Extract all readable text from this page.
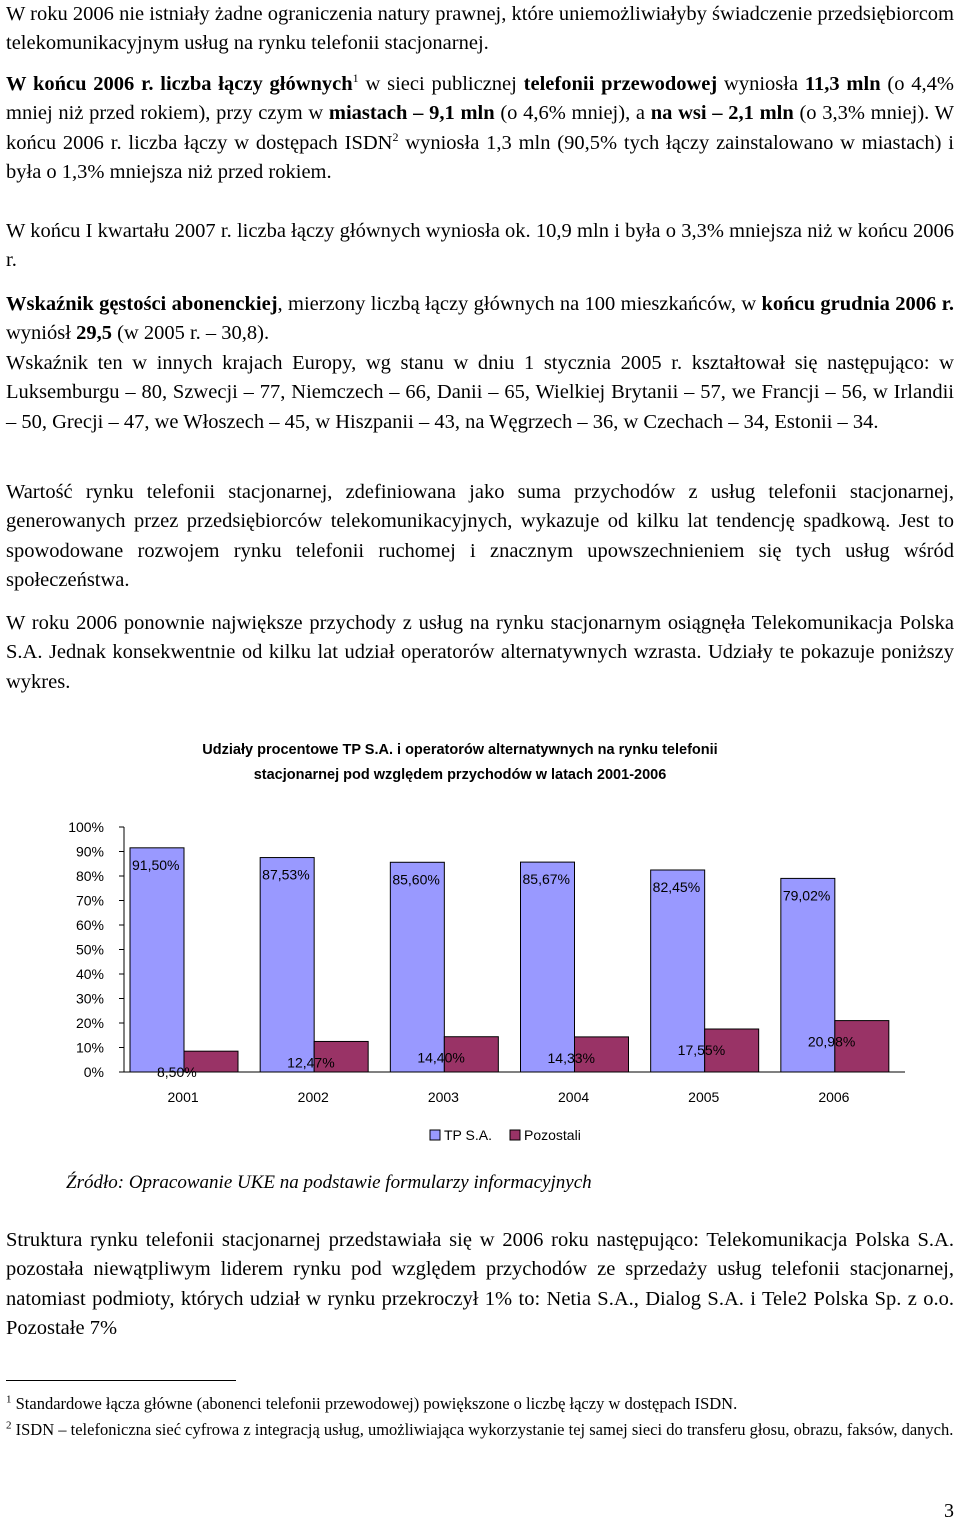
W roku 2006 nie istniały żadne ograniczenia natury prawnej, które uniemożliwiałyby świadczenie przedsiębiorcom telekomunikacyjnym usług na rynku telefonii stacjonarnej.

W końcu 2006 r. liczba łączy głównych$^1$ w sieci publicznej telefonii przewodowej wyniosła 11,3 mln (o 4,4% mniej niż przed rokiem), przy czym w miastach – 9,1 mln (o 4,6% mniej), a na wsi – 2,1 mln (o 3,3% mniej). W końcu 2006 r. liczba łączy w dostępach ISDN$^2$ wyniosła 1,3 mln (90,5% tych łączy zainstalowano w miastach) i była o 1,3% mniejsza niż przed rokiem.

W końcu I kwartału 2007 r. liczba łączy głównych wyniosła ok. 10,9 mln i była o 3,3% mniejsza niż w końcu 2006 r.

Wskaźnik gęstości abonenckiej, mierzony liczbą łączy głównych na 100 mieszkańców, w końcu grudnia 2006 r. wyniósł 29,5 (w 2005 r. – 30,8).
Wskaźnik ten w innych krajach Europy, wg stanu w dniu 1 stycznia 2005 r. kształtował się następująco: w Luksemburgu – 80, Szwecji – 77, Niemczech – 66, Danii – 65, Wielkiej Brytanii – 57, we Francji – 56, w Irlandii – 50, Grecji – 47, we Włoszech – 45, w Hiszpanii – 43, na Węgrzech – 36, w Czechach – 34, Estonii – 34.

Wartość rynku telefonii stacjonarnej, zdefiniowana jako suma przychodów z usług telefonii stacjonarnej, generowanych przez przedsiębiorców telekomunikacyjnych, wykazuje od kilku lat tendencję spadkową. Jest to spowodowane rozwojem rynku telefonii ruchomej i znacznym upowszechnieniem się tych usług wśród społeczeństwa.

W roku 2006 ponownie największe przychody z usług na rynku stacjonarnym osiągnęła Telekomunikacja Polska S.A. Jednak konsekwentnie od kilku lat udział operatorów alternatywnych wzrasta. Udziały te pokazuje poniższy wykres.

Udziały procentowe TP S.A. i operatorów alternatywnych na rynku telefonii
stacjonarnej pod względem przychodów w latach 2001-2006
0%
10%
20%
30%
40%
50%
60%
70%
80%
90%
100%
91,50%
8,50%
2001
87,53%
12,47%
2002
85,60%
14,40%
2003
85,67%
14,33%
2004
82,45%
17,55%
2005
79,02%
20,98%
2006
TP S.A. Pozostali
Źródło: Opracowanie UKE na podstawie formularzy informacyjnych

Struktura rynku telefonii stacjonarnej przedstawiała się w 2006 roku następująco: Telekomunikacja Polska S.A. pozostała niewątpliwym liderem rynku pod względem przychodów ze sprzedaży usług telefonii stacjonarnej, natomiast podmioty, których udział w rynku przekroczył 1% to: Netia S.A., Dialog S.A. i Tele2 Polska Sp. z o.o. Pozostałe 7%

$^1$ Standardowe łącza główne (abonenci telefonii przewodowej) powiększone o liczbę łączy w dostępach ISDN.

$^2$ ISDN – telefoniczna sieć cyfrowa z integracją usług, umożliwiająca wykorzystanie tej samej sieci do transferu głosu, obrazu, faksów, danych.

3
